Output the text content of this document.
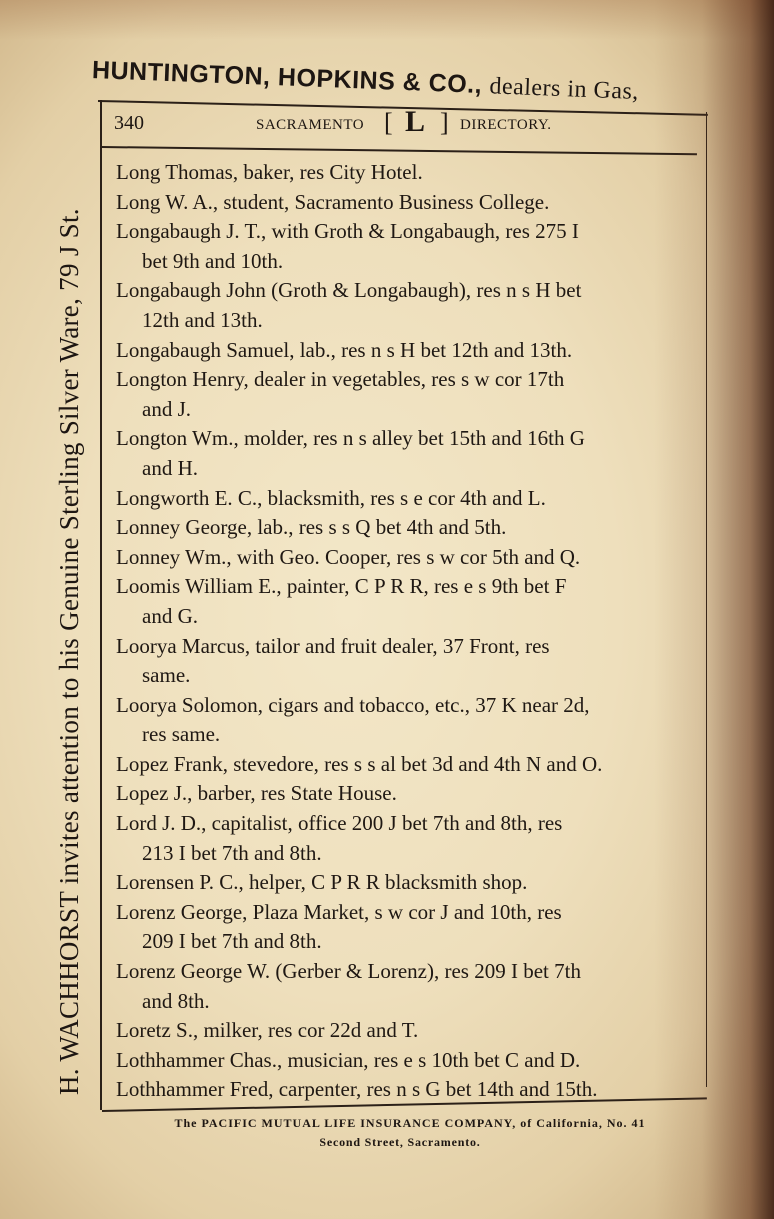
HUNTINGTON, HOPKINS & CO., dealers in Gas,
H. WACHHORST invites attention to his Genuine Sterling Silver Ware, 79 J St.
340	SACRAMENTO [ L ] DIRECTORY.
Long Thomas, baker, res City Hotel.
Long W. A., student, Sacramento Business College.
Longabaugh J. T., with Groth & Longabaugh, res 275 I
bet 9th and 10th.
Longabaugh John (Groth & Longabaugh), res n s H bet
12th and 13th.
Longabaugh Samuel, lab., res n s H bet 12th and 13th.
Longton Henry, dealer in vegetables, res s w cor 17th
and J.
Longton Wm., molder, res n s alley bet 15th and 16th G
and H.
Longworth E. C., blacksmith, res s e cor 4th and L.
Lonney George, lab., res s s Q bet 4th and 5th.
Lonney Wm., with Geo. Cooper, res s w cor 5th and Q.
Loomis William E., painter, C P R R, res e s 9th bet F
and G.
Loorya Marcus, tailor and fruit dealer, 37 Front, res
same.
Loorya Solomon, cigars and tobacco, etc., 37 K near 2d,
res same.
Lopez Frank, stevedore, res s s al bet 3d and 4th N and O.
Lopez J., barber, res State House.
Lord J. D., capitalist, office 200 J bet 7th and 8th, res
213 I bet 7th and 8th.
Lorensen P. C., helper, C P R R blacksmith shop.
Lorenz George, Plaza Market, s w cor J and 10th, res
209 I bet 7th and 8th.
Lorenz George W. (Gerber & Lorenz), res 209 I bet 7th
and 8th.
Loretz S., milker, res cor 22d and T.
Lothhammer Chas., musician, res e s 10th bet C and D.
Lothhammer Fred, carpenter, res n s G bet 14th and 15th.
The PACIFIC MUTUAL LIFE INSURANCE COMPANY, of California, No. 41
Second Street, Sacramento.
